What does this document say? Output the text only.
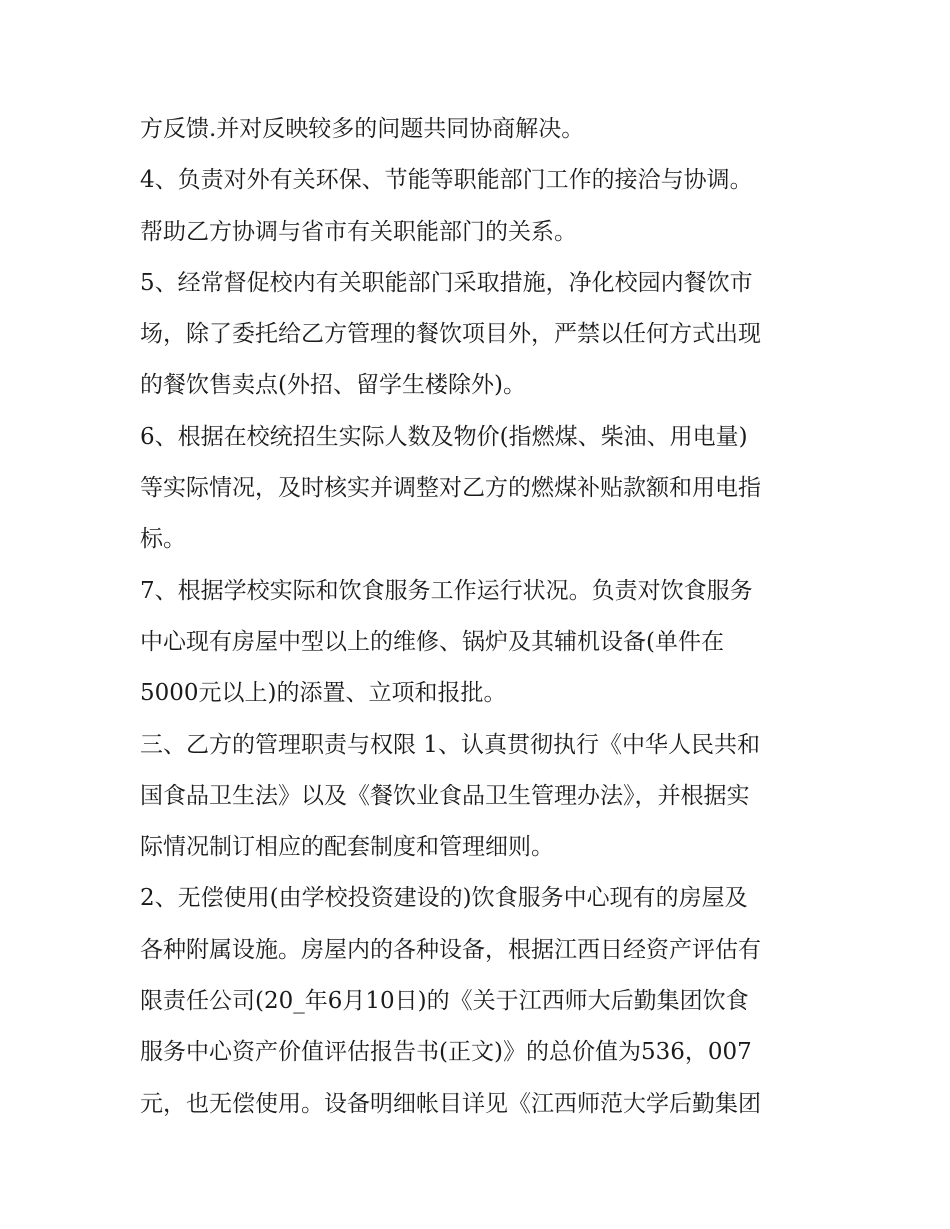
方反馈.并对反映较多的问题共同协商解决。

4、负责对外有关环保、节能等职能部门工作的接洽与协调。

帮助乙方协调与省市有关职能部门的关系。

5、经常督促校内有关职能部门采取措施，净化校园内餐饮市

场，除了委托给乙方管理的餐饮项目外，严禁以任何方式出现

的餐饮售卖点(外招、留学生楼除外)。

6、根据在校统招生实际人数及物价(指燃煤、柴油、用电量)

等实际情况，及时核实并调整对乙方的燃煤补贴款额和用电指

标。

7、根据学校实际和饮食服务工作运行状况。负责对饮食服务

中心现有房屋中型以上的维修、锅炉及其辅机设备(单件在

5000元以上)的添置、立项和报批。

三、乙方的管理职责与权限 1、认真贯彻执行《中华人民共和

国食品卫生法》以及《餐饮业食品卫生管理办法》，并根据实

际情况制订相应的配套制度和管理细则。

2、无偿使用(由学校投资建设的)饮食服务中心现有的房屋及

各种附属设施。房屋内的各种设备，根据江西日经资产评估有

限责任公司(20_年6月10日)的《关于江西师大后勤集团饮食

服务中心资产价值评估报告书(正文)》的总价值为536，007

元，也无偿使用。设备明细帐目详见《江西师范大学后勤集团
